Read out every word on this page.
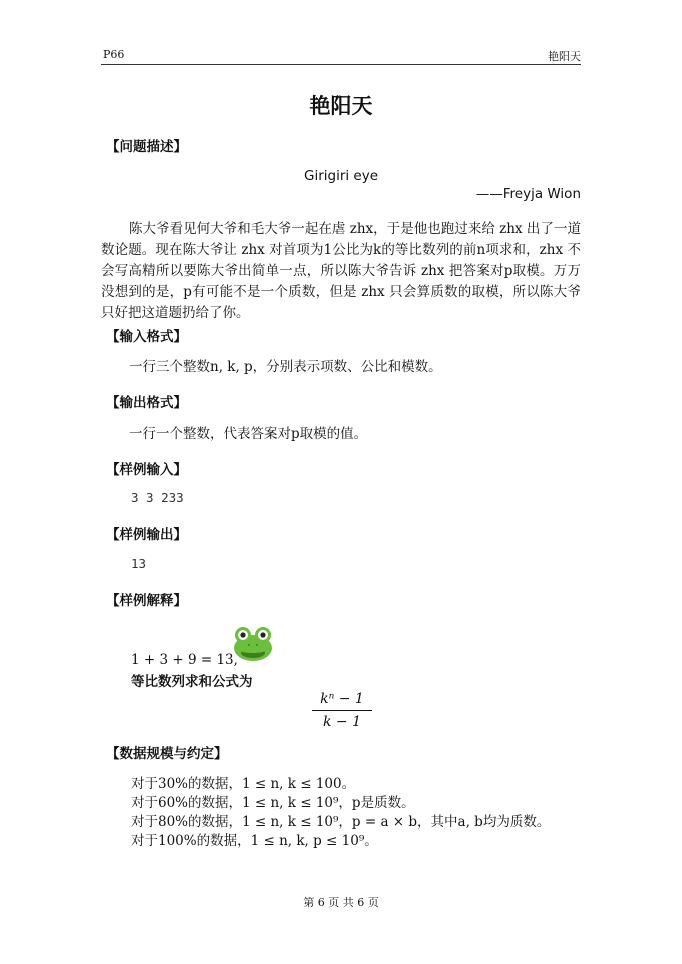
P66	艳阳天
艳阳天
【问题描述】
Girigiri eye
——Freyja Wion
陈大爷看见何大爷和毛大爷一起在虐 zhx，于是他也跑过来给 zhx 出了一道数论题。现在陈大爷让 zhx 对首项为1公比为k的等比数列的前n项求和，zhx 不会写高精所以要陈大爷出简单一点，所以陈大爷告诉 zhx 把答案对p取模。万万没想到的是，p有可能不是一个质数，但是 zhx 只会算质数的取模，所以陈大爷只好把这道题扔给了你。
【输入格式】
一行三个整数n, k, p，分别表示项数、公比和模数。
【输出格式】
一行一个整数，代表答案对p取模的值。
【样例输入】
3 3 233
【样例输出】
13
【样例解释】
1 + 3 + 9 = 13,
等比数列求和公式为
kⁿ − 1
k − 1
【数据规模与约定】
对于30%的数据，1 ≤ n, k ≤ 100。
对于60%的数据，1 ≤ n, k ≤ 10⁹，p是质数。
对于80%的数据，1 ≤ n, k ≤ 10⁹，p = a × b，其中a, b均为质数。
对于100%的数据，1 ≤ n, k, p ≤ 10⁹。
第 6 页 共 6 页
